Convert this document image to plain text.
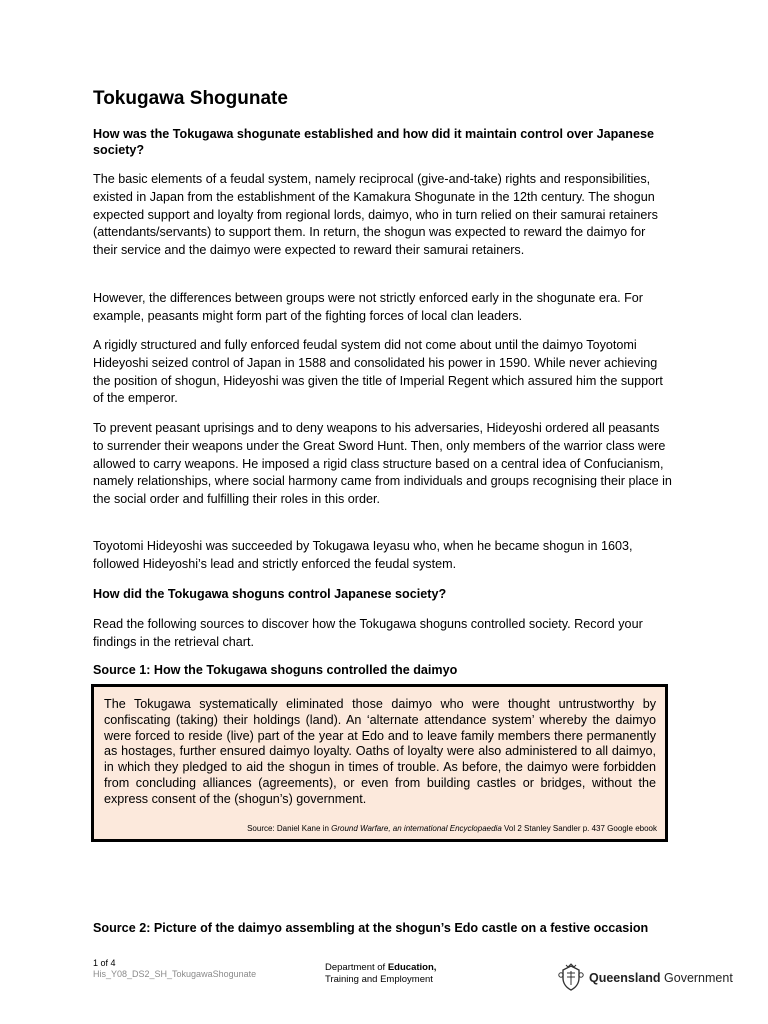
Tokugawa Shogunate

How was the Tokugawa shogunate established and how did it maintain control over Japanese society?

The basic elements of a feudal system, namely reciprocal (give-and-take) rights and responsibilities, existed in Japan from the establishment of the Kamakura Shogunate in the 12th century. The shogun expected support and loyalty from regional lords, daimyo, who in turn relied on their samurai retainers (attendants/servants) to support them. In return, the shogun was expected to reward the daimyo for their service and the daimyo were expected to reward their samurai retainers.

However, the differences between groups were not strictly enforced early in the shogunate era. For example, peasants might form part of the fighting forces of local clan leaders.

A rigidly structured and fully enforced feudal system did not come about until the daimyo Toyotomi Hideyoshi seized control of Japan in 1588 and consolidated his power in 1590. While never achieving the position of shogun, Hideyoshi was given the title of Imperial Regent which assured him the support of the emperor.

To prevent peasant uprisings and to deny weapons to his adversaries, Hideyoshi ordered all peasants to surrender their weapons under the Great Sword Hunt. Then, only members of the warrior class were allowed to carry weapons. He imposed a rigid class structure based on a central idea of Confucianism, namely relationships, where social harmony came from individuals and groups recognising their place in the social order and fulfilling their roles in this order.

Toyotomi Hideyoshi was succeeded by Tokugawa Ieyasu who, when he became shogun in 1603, followed Hideyoshi’s lead and strictly enforced the feudal system.

How did the Tokugawa shoguns control Japanese society?

Read the following sources to discover how the Tokugawa shoguns controlled society. Record your findings in the retrieval chart.

Source 1: How the Tokugawa shoguns controlled the daimyo

The Tokugawa systematically eliminated those daimyo who were thought untrustworthy by confiscating (taking) their holdings (land). An ‘alternate attendance system’ whereby the daimyo were forced to reside (live) part of the year at Edo and to leave family members there permanently as hostages, further ensured daimyo loyalty. Oaths of loyalty were also administered to all daimyo, in which they pledged to aid the shogun in times of trouble. As before, the daimyo were forbidden from concluding alliances (agreements), or even from building castles or bridges, without the express consent of the (shogun’s) government.

Source: Daniel Kane in Ground Warfare, an international Encyclopaedia Vol 2 Stanley Sandler p. 437 Google ebook

Source 2: Picture of the daimyo assembling at the shogun’s Edo castle on a festive occasion

1 of 4
His_Y08_DS2_SH_TokugawaShogunate
Department of Education,
Training and Employment	Queensland Government
